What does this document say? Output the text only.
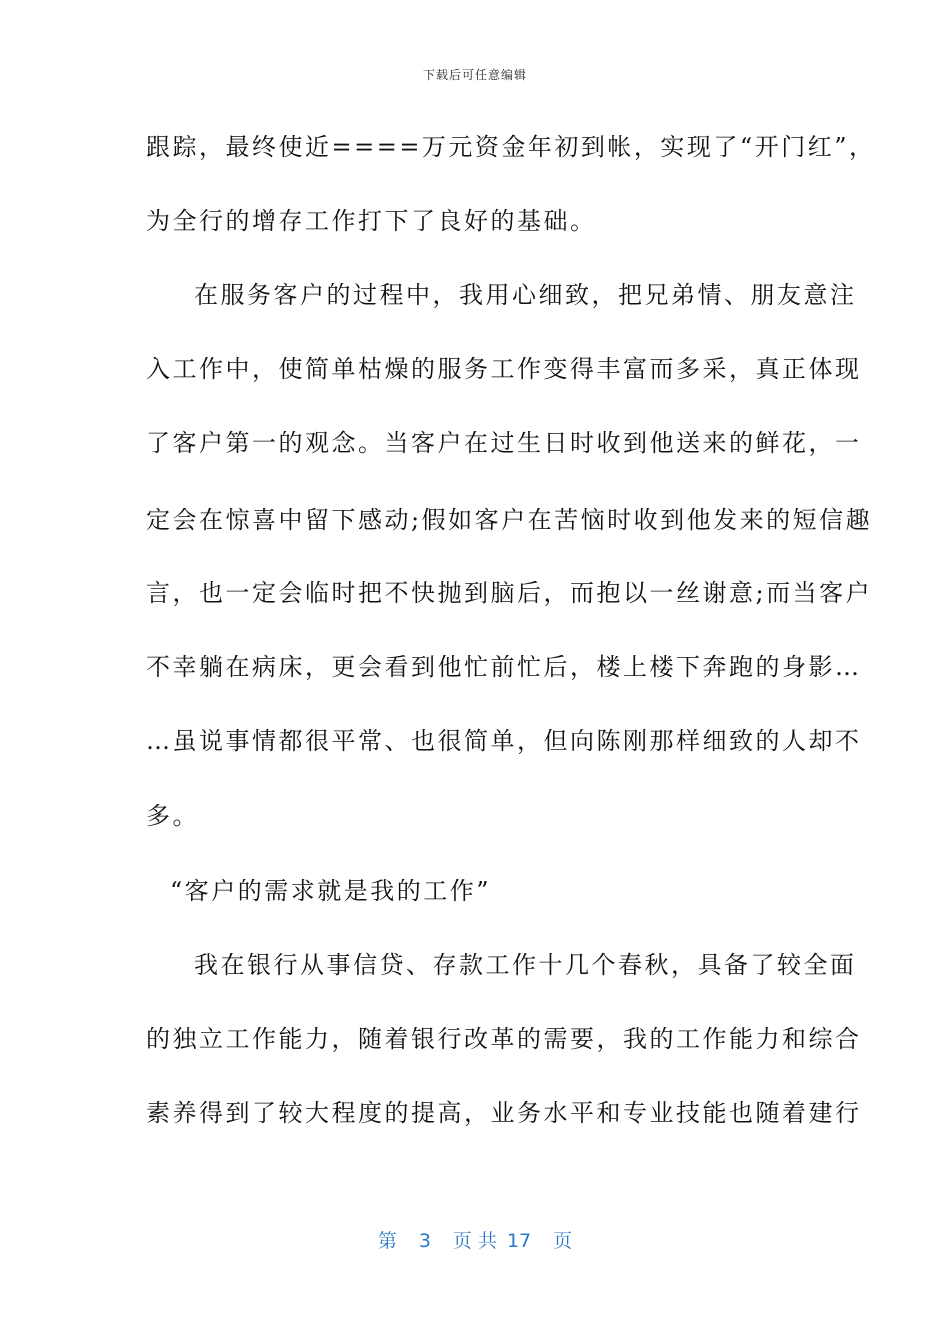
下载后可任意编辑
跟踪，最终使近====万元资金年初到帐，实现了“开门红”，
为全行的增存工作打下了良好的基础。
在服务客户的过程中，我用心细致，把兄弟情、朋友意注
入工作中，使简单枯燥的服务工作变得丰富而多采，真正体现
了客户第一的观念。当客户在过生日时收到他送来的鲜花，一
定会在惊喜中留下感动;假如客户在苦恼时收到他发来的短信趣
言，也一定会临时把不快抛到脑后，而抱以一丝谢意;而当客户
不幸躺在病床，更会看到他忙前忙后，楼上楼下奔跑的身影…
…虽说事情都很平常、也很简单，但向陈刚那样细致的人却不
多。
“客户的需求就是我的工作”
我在银行从事信贷、存款工作十几个春秋，具备了较全面
的独立工作能力，随着银行改革的需要，我的工作能力和综合
素养得到了较大程度的提高，业务水平和专业技能也随着建行
第 3 页 共 17 页
